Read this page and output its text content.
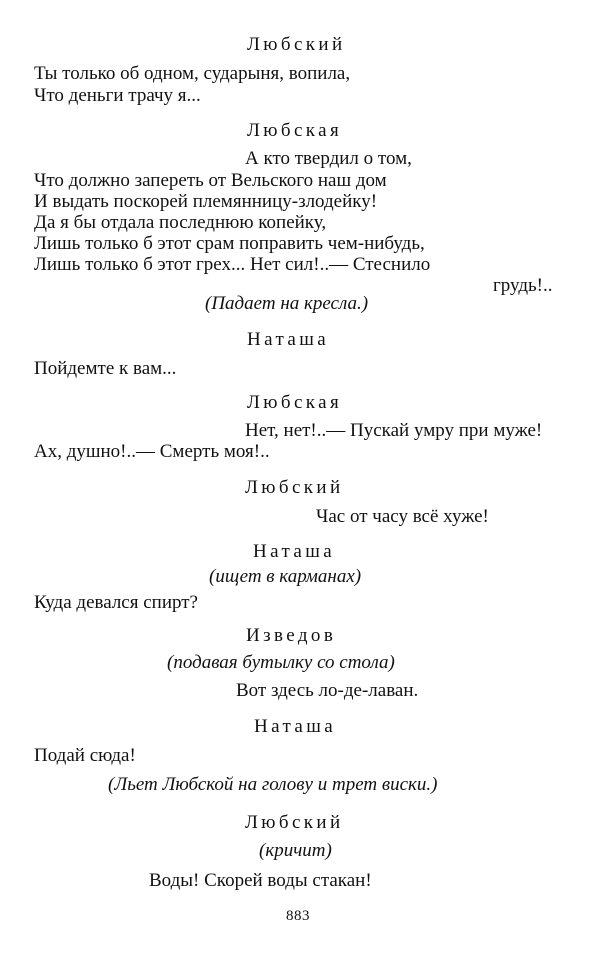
Любский
Ты только об одном, сударыня, вопила,
Что деньги трачу я...
Любская
А кто твердил о том,
Что должно запереть от Вельского наш дом
И выдать поскорей племянницу-злодейку!
Да я бы отдала последнюю копейку,
Лишь только б этот срам поправить чем-нибудь,
Лишь только б этот грех... Нет сил!..— Стеснило
грудь!..
(Падает на кресла.)
Наташа
Пойдемте к вам...
Любская
Нет, нет!..— Пускай умру при муже!
Ах, душно!..— Смерть моя!..
Любский
Час от часу всё хуже!
Наташа
(ищет в карманах)
Куда девался спирт?
Изведов
(подавая бутылку со стола)
Вот здесь ло-де-лаван.
Наташа
Подай сюда!
(Льет Любской на голову и трет виски.)
Любский
(кричит)
Воды! Скорей воды стакан!
883
